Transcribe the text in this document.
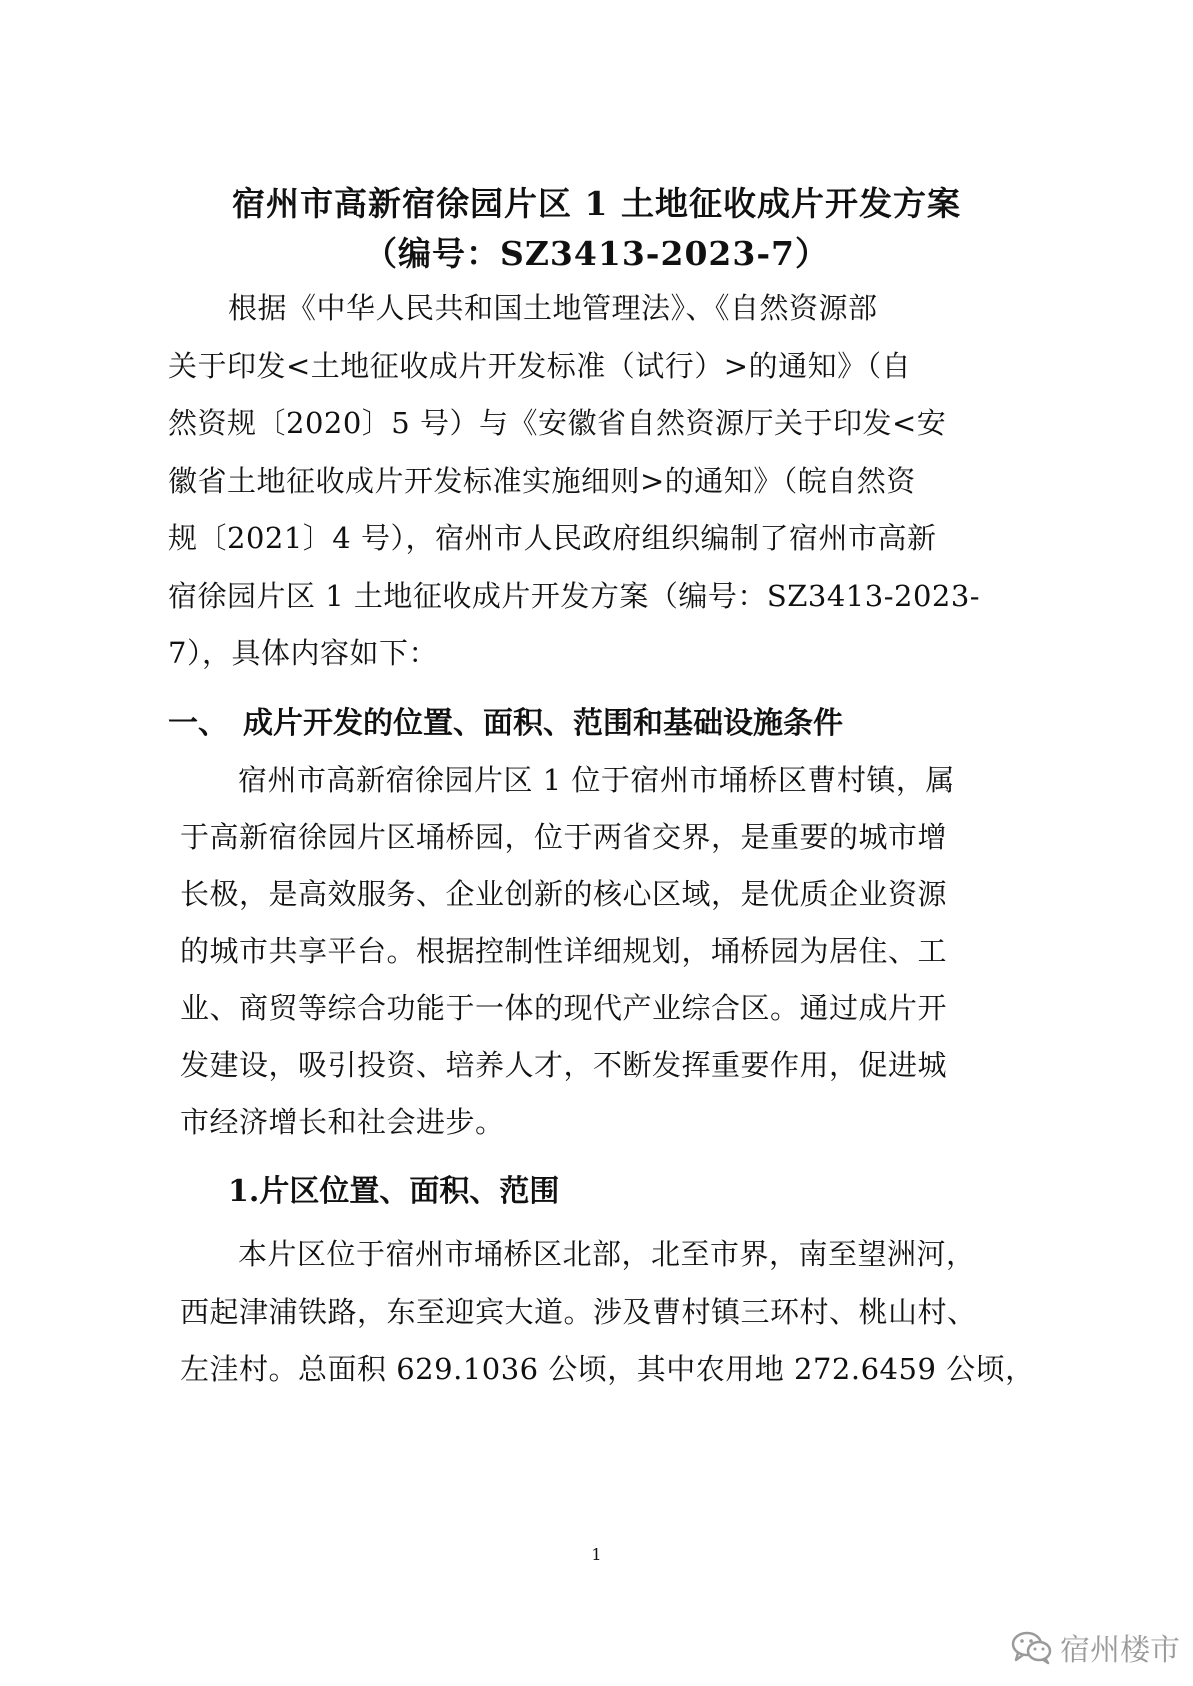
宿州市高新宿徐园片区 1 土地征收成片开发方案
（编号：SZ3413-2023-7）
根据《中华人民共和国土地管理法》、《自然资源部
关于印发<土地征收成片开发标准（试行）>的通知》（自
然资规〔2020〕5 号）与《安徽省自然资源厅关于印发<安
徽省土地征收成片开发标准实施细则>的通知》（皖自然资
规〔2021〕4 号），宿州市人民政府组织编制了宿州市高新
宿徐园片区 1 土地征收成片开发方案（编号：SZ3413-2023-
7），具体内容如下：
一、　成片开发的位置、面积、范围和基础设施条件
宿州市高新宿徐园片区 1 位于宿州市埇桥区曹村镇，属
于高新宿徐园片区埇桥园，位于两省交界，是重要的城市增
长极，是高效服务、企业创新的核心区域，是优质企业资源
的城市共享平台。根据控制性详细规划，埇桥园为居住、工
业、商贸等综合功能于一体的现代产业综合区。通过成片开
发建设，吸引投资、培养人才，不断发挥重要作用，促进城
市经济增长和社会进步。
1.片区位置、面积、范围
本片区位于宿州市埇桥区北部，北至市界，南至望洲河，
西起津浦铁路，东至迎宾大道。涉及曹村镇三环村、桃山村、
左洼村。总面积 629.1036 公顷，其中农用地 272.6459 公顷，
1
宿州楼市
